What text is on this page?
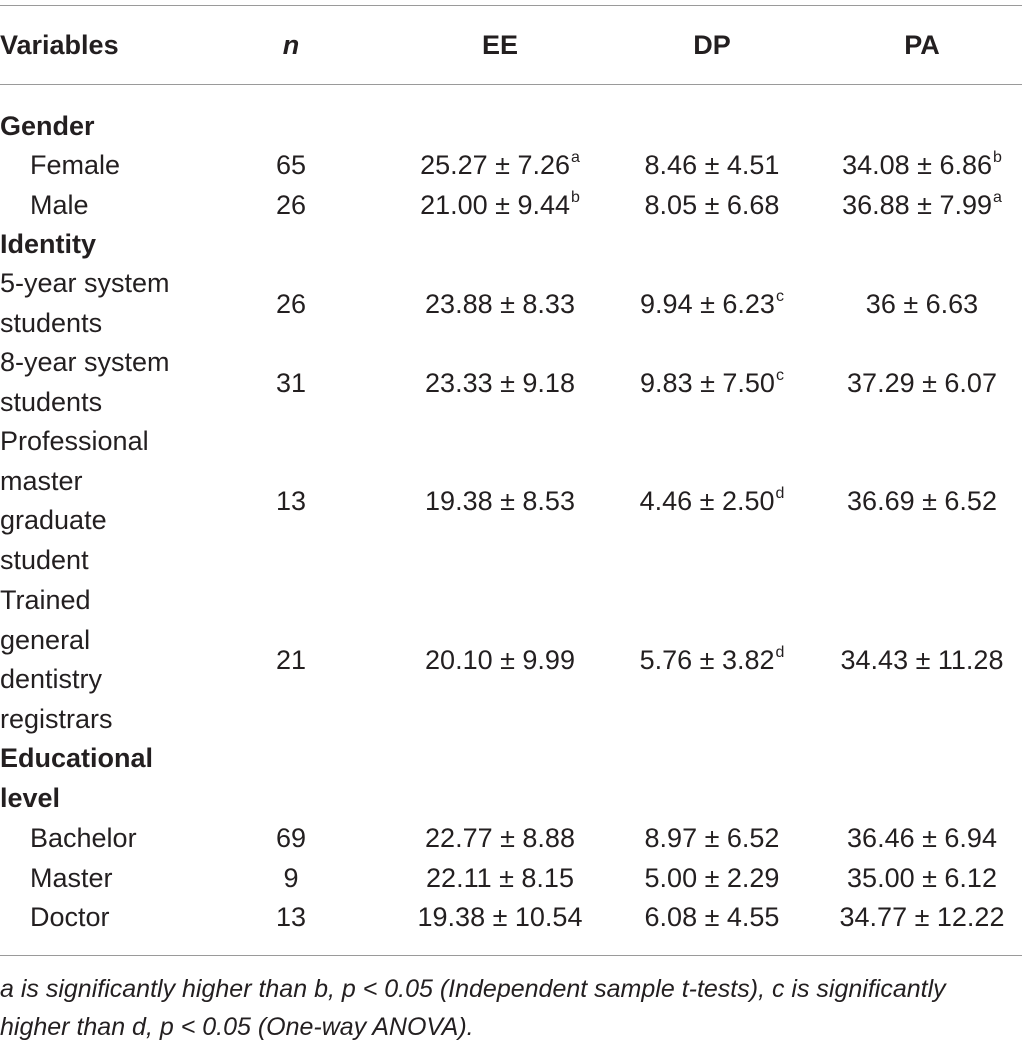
Variables	n	EE	DP	PA
Gender
Female	65	25.27 ± 7.26$^a$	8.46 ± 4.51	34.08 ± 6.86$^b$
Male	26	21.00 ± 9.44$^b$	8.05 ± 6.68	36.88 ± 7.99$^a$
Identity
5-year system
students
26	23.88 ± 8.33	9.94 ± 6.23$^c$	36 ± 6.63
8-year system
students
31	23.33 ± 9.18	9.83 ± 7.50$^c$	37.29 ± 6.07
Professional
master
graduate
student
13	19.38 ± 8.53	4.46 ± 2.50$^d$	36.69 ± 6.52
Trained
general
dentistry
registrars
21	20.10 ± 9.99	5.76 ± 3.82$^d$	34.43 ± 11.28
Educational
level
Bachelor	69	22.77 ± 8.88	8.97 ± 6.52	36.46 ± 6.94
Master	9	22.11 ± 8.15	5.00 ± 2.29	35.00 ± 6.12
Doctor	13	19.38 ± 10.54	6.08 ± 4.55	34.77 ± 12.22
a is significantly higher than b, p < 0.05 (Independent sample t-tests), c is significantly higher than d, p < 0.05 (One-way ANOVA).
